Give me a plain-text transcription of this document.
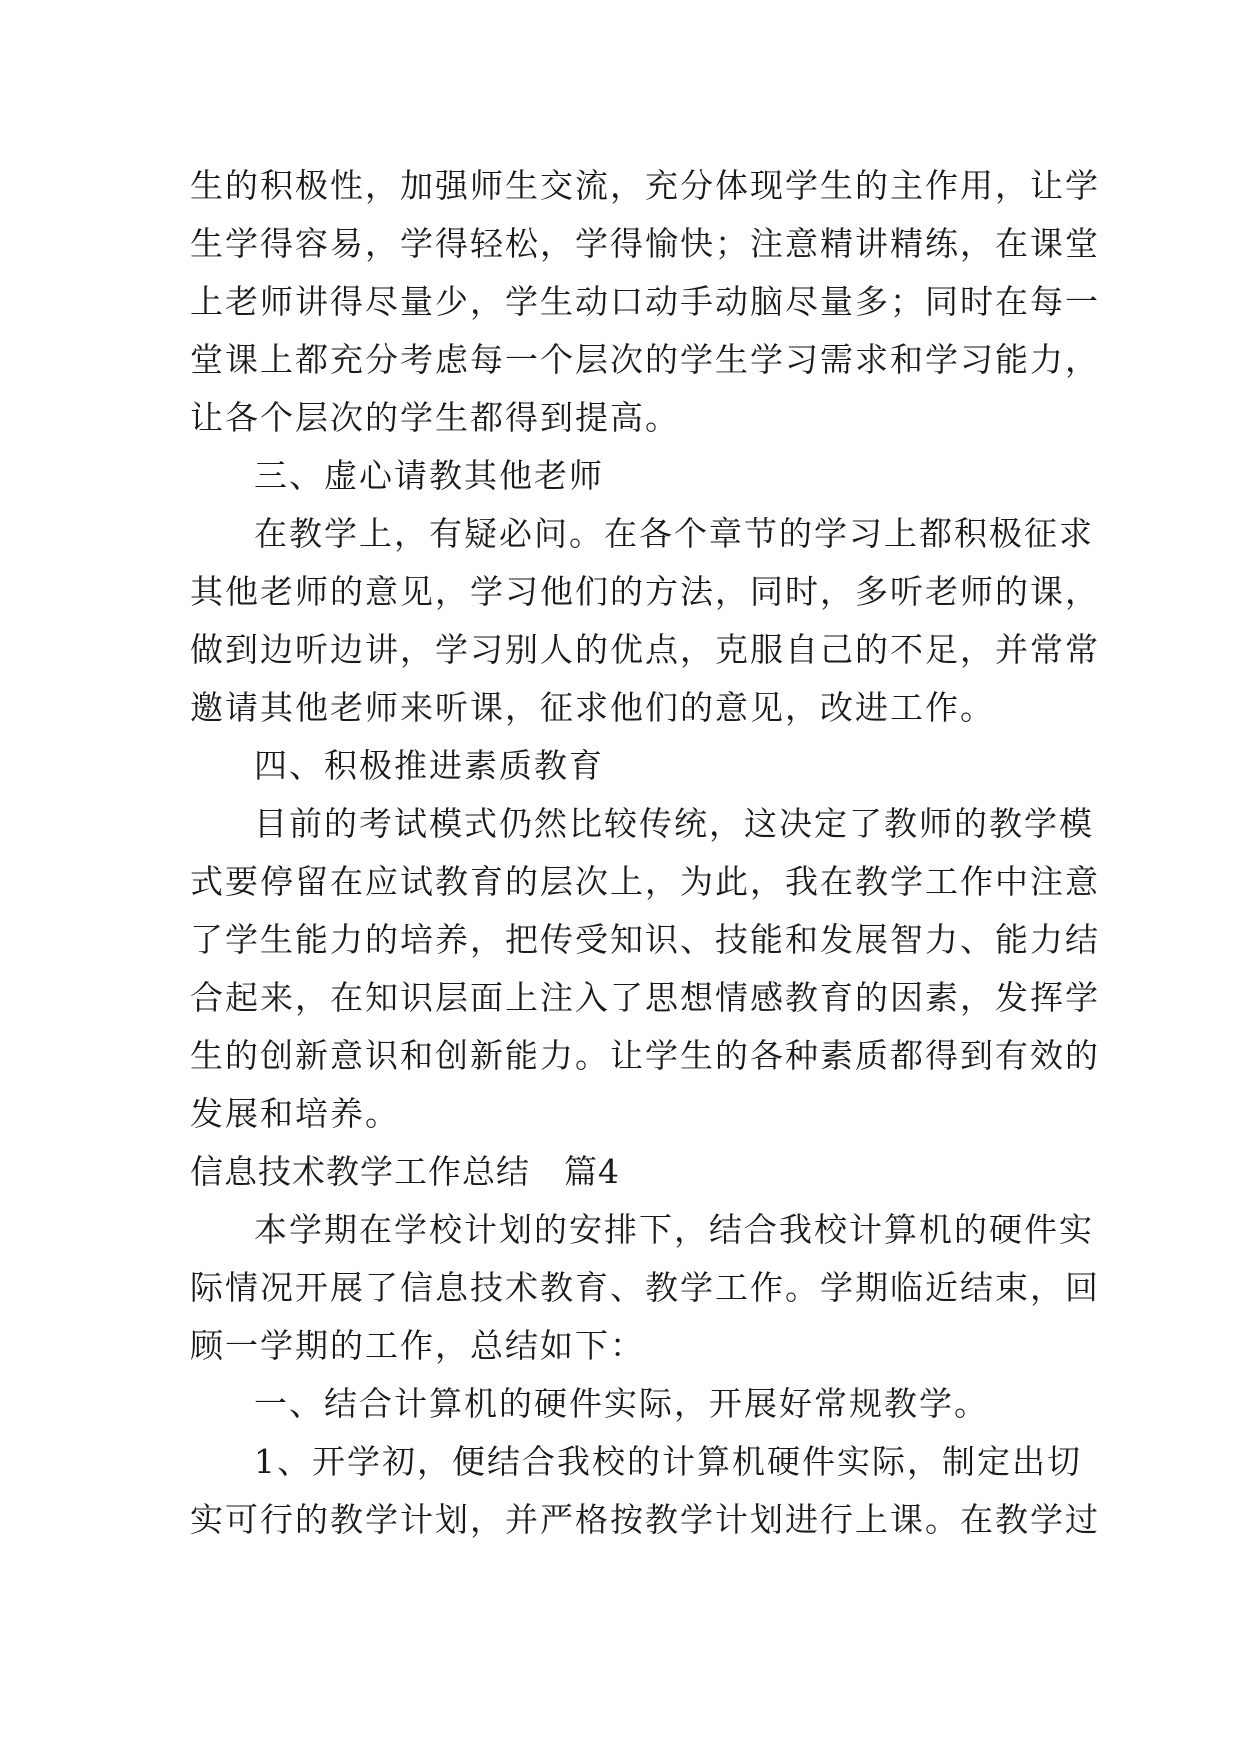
生的积极性，加强师生交流，充分体现学生的主作用，让学
生学得容易，学得轻松，学得愉快；注意精讲精练，在课堂
上老师讲得尽量少，学生动口动手动脑尽量多；同时在每一
堂课上都充分考虑每一个层次的学生学习需求和学习能力，
让各个层次的学生都得到提高。
三、虚心请教其他老师
在教学上，有疑必问。在各个章节的学习上都积极征求
其他老师的意见，学习他们的方法，同时，多听老师的课，
做到边听边讲，学习别人的优点，克服自己的不足，并常常
邀请其他老师来听课，征求他们的意见，改进工作。
四、积极推进素质教育
目前的考试模式仍然比较传统，这决定了教师的教学模
式要停留在应试教育的层次上，为此，我在教学工作中注意
了学生能力的培养，把传受知识、技能和发展智力、能力结
合起来，在知识层面上注入了思想情感教育的因素，发挥学
生的创新意识和创新能力。让学生的各种素质都得到有效的
发展和培养。
信息技术教学工作总结　篇4
本学期在学校计划的安排下，结合我校计算机的硬件实
际情况开展了信息技术教育、教学工作。学期临近结束，回
顾一学期的工作，总结如下：
一、结合计算机的硬件实际，开展好常规教学。
1、开学初，便结合我校的计算机硬件实际，制定出切
实可行的教学计划，并严格按教学计划进行上课。在教学过
